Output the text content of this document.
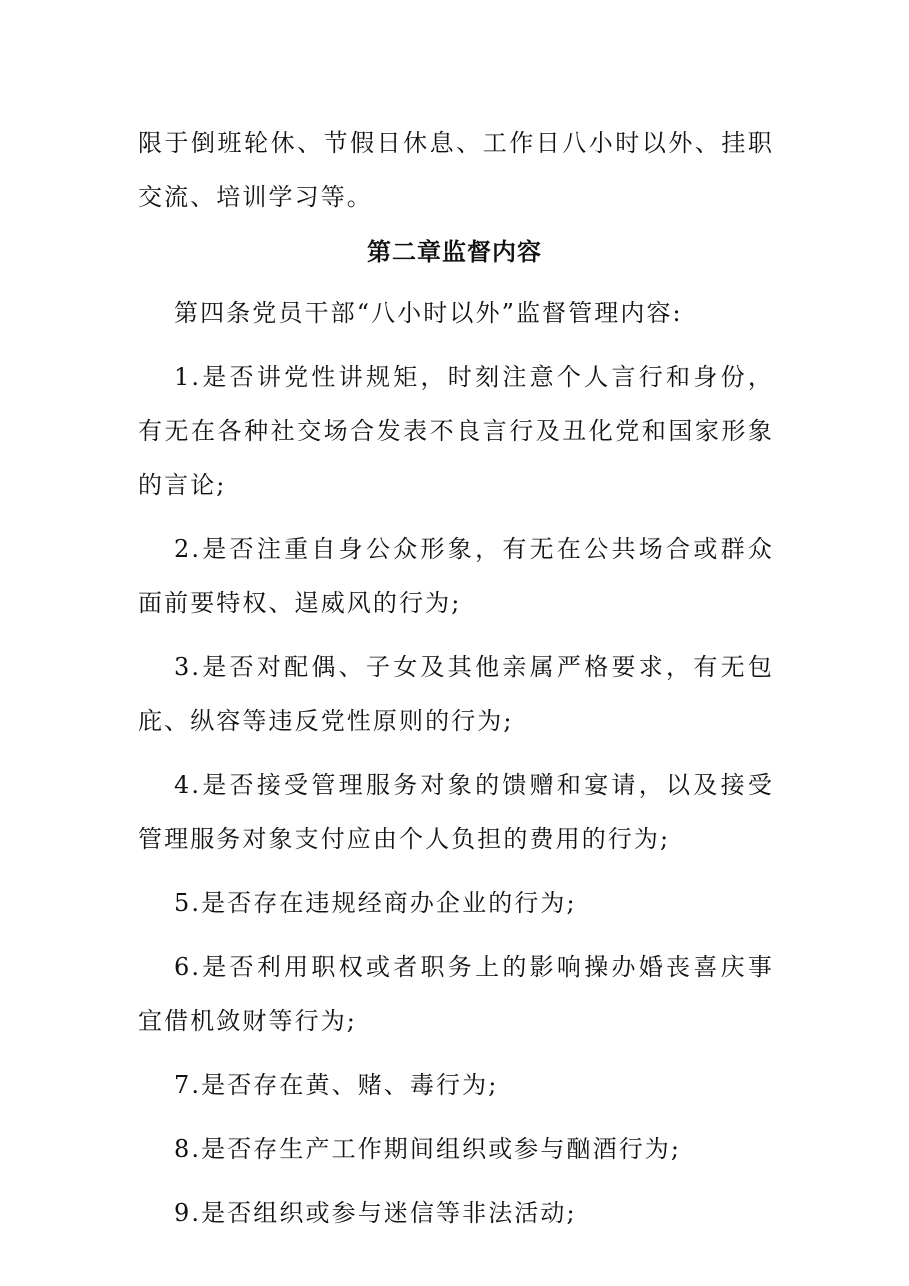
限于倒班轮休、节假日休息、工作日八小时以外、挂职交流、培训学习等。

第二章监督内容

第四条党员干部“八小时以外”监督管理内容:

1.是否讲党性讲规矩，时刻注意个人言行和身份，有无在各种社交场合发表不良言行及丑化党和国家形象的言论;

2.是否注重自身公众形象，有无在公共场合或群众面前要特权、逞威风的行为;

3.是否对配偶、子女及其他亲属严格要求，有无包庇、纵容等违反党性原则的行为;

4.是否接受管理服务对象的馈赠和宴请，以及接受管理服务对象支付应由个人负担的费用的行为;

5.是否存在违规经商办企业的行为;

6.是否利用职权或者职务上的影响操办婚丧喜庆事宜借机敛财等行为;

7.是否存在黄、赌、毒行为;

8.是否存生产工作期间组织或参与酗酒行为;

9.是否组织或参与迷信等非法活动;
